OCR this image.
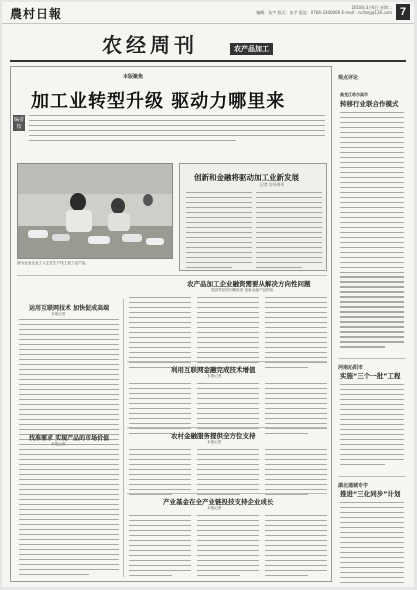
農村日報	2018年3月6日 星期二
編輯：朱宇 版式：朱宇 電話：0766-3300000 E-mail：ncrbnj@126.com 7
农经周刊	农产品加工
本版聚焦
加工业转型升级 驱动力哪里来
编者按
图为农业企业工人正在生产线上加工农产品。
创新和金融将驱动加工业新发展
记者 农经周刊
农产品加工企业融资需要从解决方向性问题
提高贷款投向精准度 创新金融产品供给
运用互联网技术 加快促成高端
本报记者
利用互联网金融完成技术增值
本报记者
找准需求 实现产品的市场价值
本报记者
农村金融服务提供全方位支持
本报记者
产业基金在全产业链投技支持企业成长
本报记者
观点评论
黑龙江哈尔滨市
转移行业联合作模式
河南沁阳市
实施“三个一批”工程
湖北通城专字
推进“三化同步”计划
